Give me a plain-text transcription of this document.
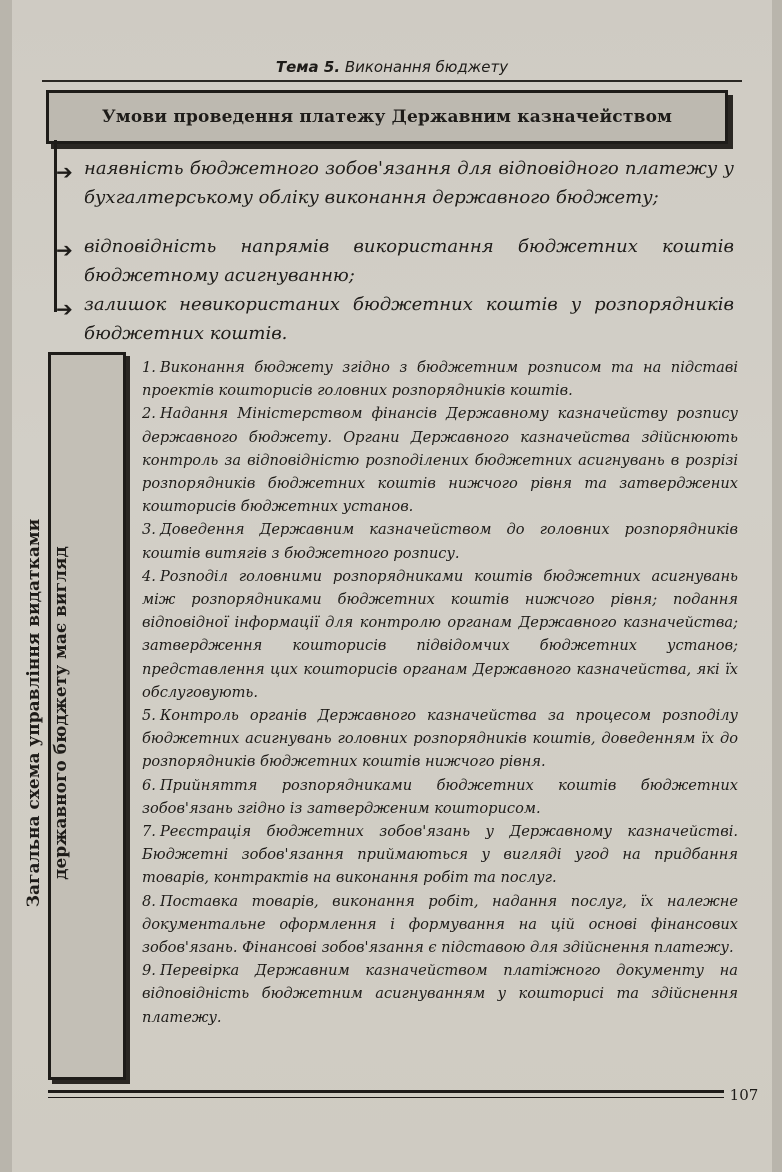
Тема 5. Виконання бюджету
Умови проведення платежу Державним казначейством
➔ наявність бюджетного зобов'язання для відповідного платежу у бухгалтерському обліку виконання державного бюджету;
➔ відповідність напрямів використання бюджетних коштів бюджетному асигнуванню;
➔ залишок невикористаних бюджетних коштів у розпорядників бюджетних коштів.
Загальна схема управління видатками державного бюджету має вигляд

1. Виконання бюджету згідно з бюджетним розписом та на підставі проектів кошторисів головних розпорядників коштів.

2. Надання Міністерством фінансів Державному казначейству розпису державного бюджету. Органи Державного казначейства здійснюють контроль за відповідністю розподілених бюджетних асигнувань в розрізі розпорядників бюджетних коштів нижчого рівня та затверджених кошторисів бюджетних установ.

3. Доведення Державним казначейством до головних розпорядників коштів витягів з бюджетного розпису.

4. Розподіл головними розпорядниками коштів бюджетних асигнувань між розпорядниками бюджетних коштів нижчого рівня; подання відповідної інформації для контролю органам Державного казначейства; затвердження кошторисів підвідомчих бюджетних установ; представлення цих кошторисів органам Державного казначейства, які їх обслуговують.

5. Контроль органів Державного казначейства за процесом розподілу бюджетних асигнувань головних розпорядників коштів, доведенням їх до розпорядників бюджетних коштів нижчого рівня.

6. Прийняття розпорядниками бюджетних коштів бюджетних зобов'язань згідно із затвердженим кошторисом.

7. Реєстрація бюджетних зобов'язань у Державному казначействі. Бюджетні зобов'язання приймаються у вигляді угод на придбання товарів, контрактів на виконання робіт та послуг.

8. Поставка товарів, виконання робіт, надання послуг, їх належне документальне оформлення і формування на цій основі фінансових зобов'язань. Фінансові зобов'язання є підставою для здійснення платежу.

9. Перевірка Державним казначейством платіжного документу на відповідність бюджетним асигнуванням у кошторисі та здійснення платежу.

107
